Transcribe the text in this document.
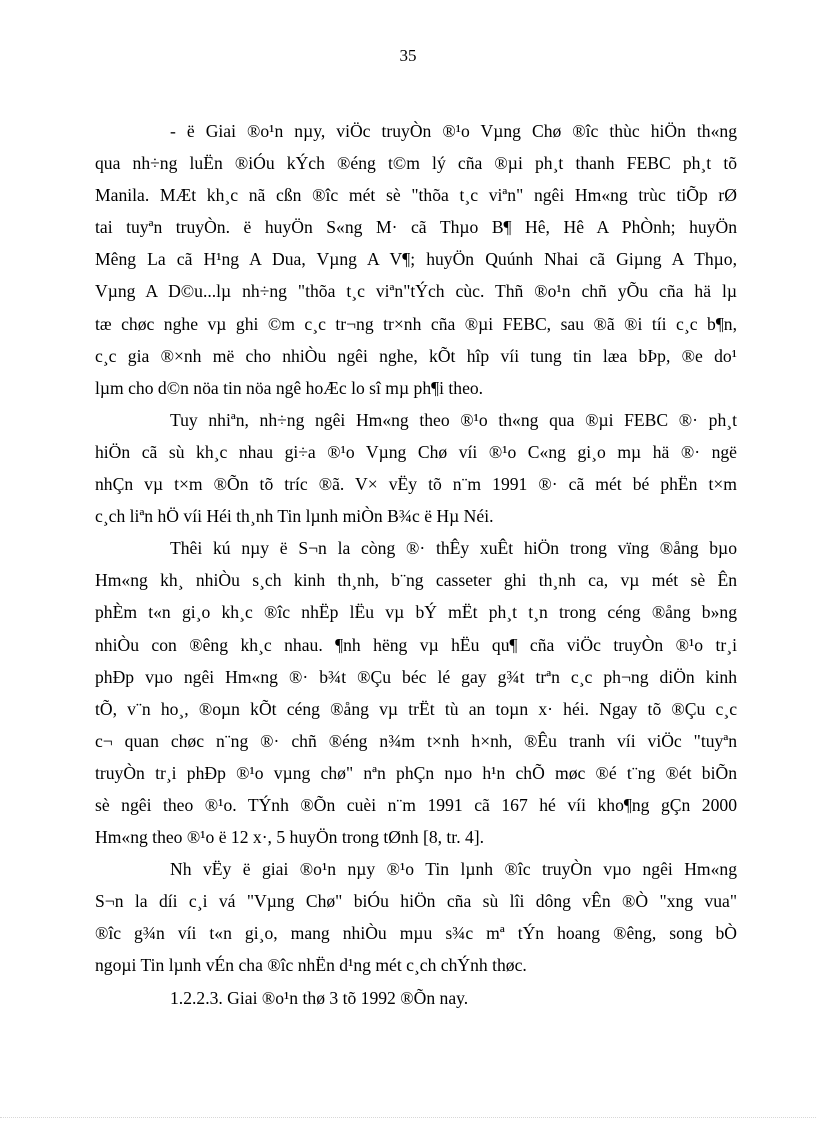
35
- ë Giai ®o¹n nµy, viÖc truyÒn ®¹o Vµng Chø ®îc thùc hiÖn th«ng
qua nh÷ng luËn ®iÓu kÝch ®éng t©m lý cña ®µi ph¸t thanh FEBC ph¸t tõ
Manila. MÆt kh¸c nã cßn ®îc mét sè "thõa t¸c viªn" ngêi Hm«ng trùc tiÕp rØ
tai tuyªn truyÒn. ë huyÖn S«ng M· cã Thµo B¶ Hê, Hê A PhÒnh; huyÖn
Mêng La cã H¹ng A Dua, Vµng A V¶; huyÖn Quúnh Nhai cã Giµng A Thµo,
Vµng A D©u...lµ nh÷ng "thõa t¸c viªn"tÝch cùc. Thñ ®o¹n chñ yÕu cña hä lµ
tæ chøc nghe vµ ghi ©m c¸c tr¬ng tr×nh cña ®µi FEBC, sau ®ã ®i tíi c¸c b¶n,
c¸c gia ®×nh më cho nhiÒu ngêi nghe, kÕt hîp víi tung tin læa bÞp, ®e do¹
lµm cho d©n nöa tin nöa ngê hoÆc lo sî mµ ph¶i theo.
Tuy nhiªn, nh÷ng ngêi Hm«ng theo ®¹o th«ng qua ®µi FEBC ®· ph¸t
hiÖn cã sù kh¸c nhau gi÷a ®¹o Vµng Chø víi ®¹o C«ng gi¸o mµ hä ®· ngë
nhÇn vµ t×m ®Õn tõ tríc ®ã. V× vËy tõ n¨m 1991 ®· cã mét bé phËn t×m
c¸ch liªn hÖ víi Héi th¸nh Tin lµnh miÒn B¾c ë Hµ Néi.
Thêi kú nµy ë S¬n la còng ®· thÊy xuÊt hiÖn trong vïng ®ång bµo
Hm«ng kh¸ nhiÒu s¸ch kinh th¸nh, b¨ng casseter ghi th¸nh ca, vµ mét sè Ên
phÈm t«n gi¸o kh¸c ®îc nhËp lËu vµ bÝ mËt ph¸t t¸n trong céng ®ång b»ng
nhiÒu con ®êng kh¸c nhau. ¶nh hëng vµ hËu qu¶ cña viÖc truyÒn ®¹o tr¸i
phÐp vµo ngêi Hm«ng ®· b¾t ®Çu béc lé gay g¾t trªn c¸c ph¬ng diÖn kinh
tÕ, v¨n ho¸, ®oµn kÕt céng ®ång vµ trËt tù an toµn x· héi. Ngay tõ ®Çu c¸c
c¬ quan chøc n¨ng ®· chñ ®éng n¾m t×nh h×nh, ®Êu tranh víi viÖc "tuyªn
truyÒn tr¸i phÐp ®¹o vµng chø" nªn phÇn nµo h¹n chÕ møc ®é t¨ng ®ét biÕn
sè ngêi theo ®¹o. TÝnh ®Õn cuèi n¨m 1991 cã 167 hé víi kho¶ng gÇn 2000
Hm«ng theo ®¹o ë 12 x·, 5 huyÖn trong tØnh [8, tr. 4].
Nh vËy ë giai ®o¹n nµy ®¹o Tin lµnh ®îc truyÒn vµo ngêi Hm«ng
S¬n la díi c¸i vá "Vµng Chø" biÓu hiÖn cña sù lîi dông vÊn ®Ò "xng vua"
®îc g¾n víi t«n gi¸o, mang nhiÒu mµu s¾c mª tÝn hoang ®êng, song bÒ
ngoµi Tin lµnh vÉn cha ®îc nhËn d¹ng mét c¸ch chÝnh thøc.
1.2.2.3. Giai ®o¹n thø 3 tõ 1992 ®Õn nay.
